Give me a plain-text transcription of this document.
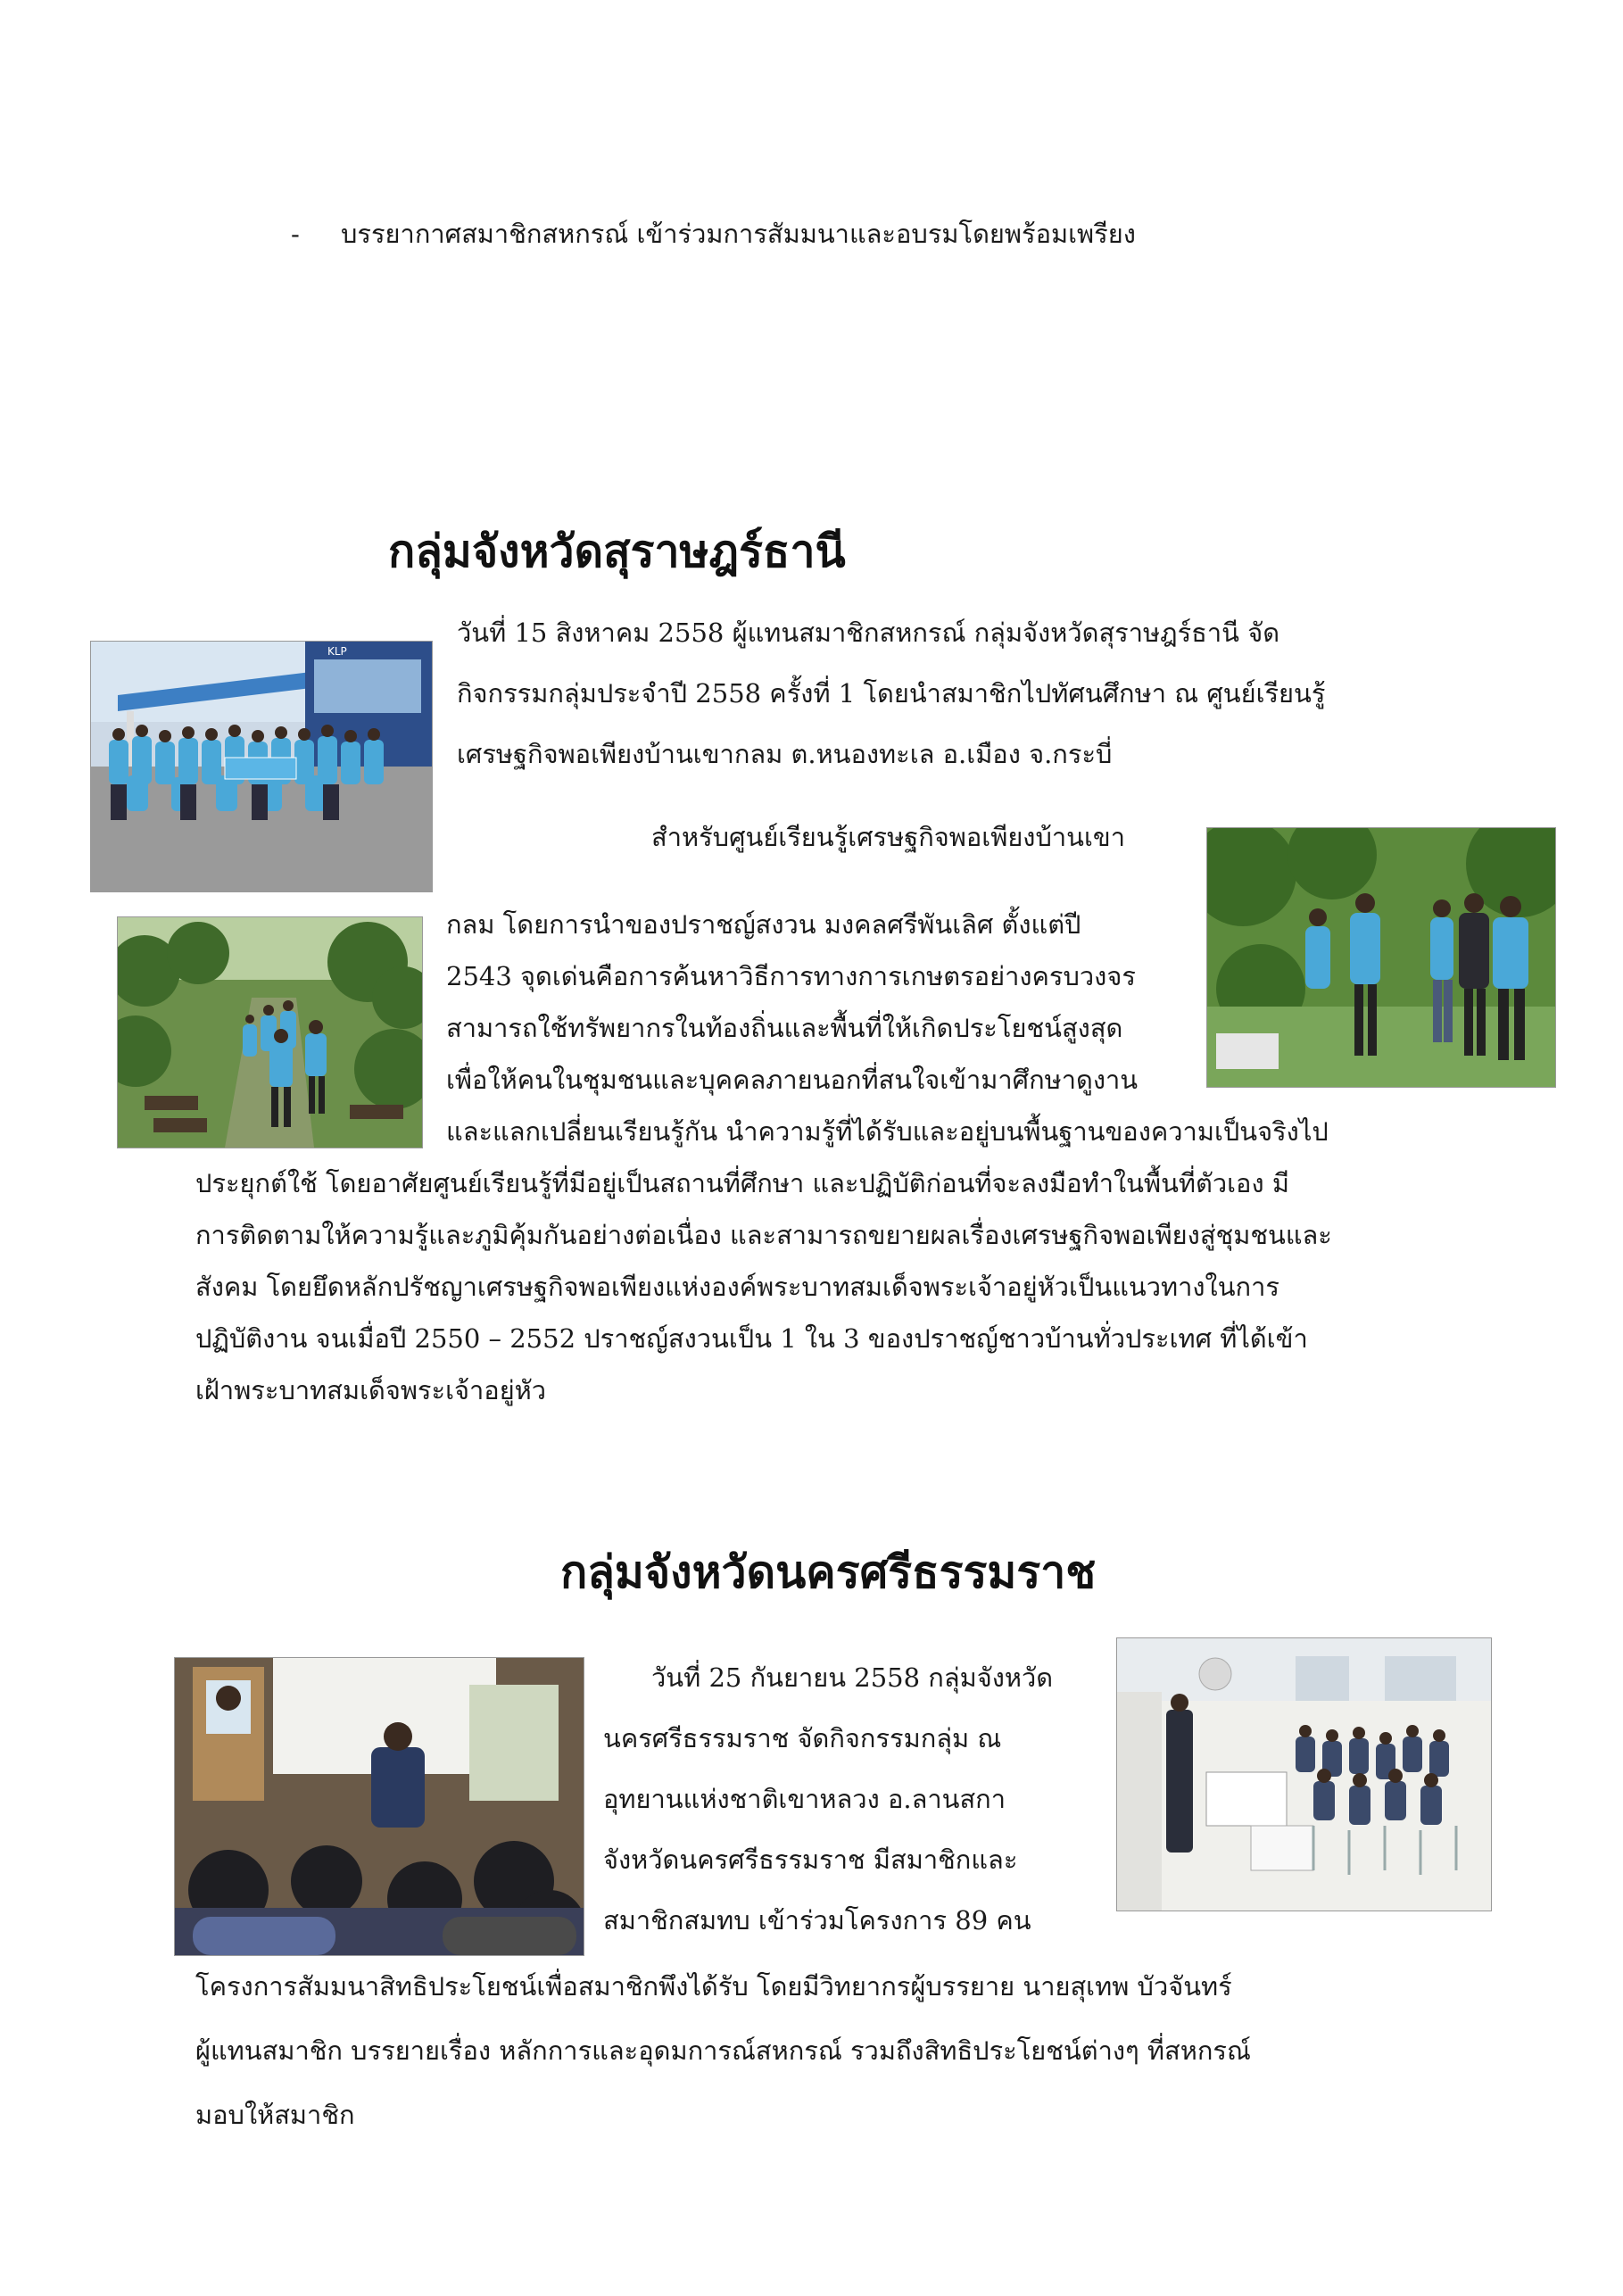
- บรรยากาศสมาชิกสหกรณ์ เข้าร่วมการสัมมนาและอบรมโดยพร้อมเพรียง
กลุ่มจังหวัดสุราษฎร์ธานี
KLP
วันที่ 15 สิงหาคม 2558 ผู้แทนสมาชิกสหกรณ์ กลุ่มจังหวัดสุราษฎร์ธานี จัด
กิจกรรมกลุ่มประจำปี 2558 ครั้งที่ 1 โดยนำสมาชิกไปทัศนศึกษา ณ ศูนย์เรียนรู้
เศรษฐกิจพอเพียงบ้านเขากลม ต.หนองทะเล อ.เมือง จ.กระบี่
สำหรับศูนย์เรียนรู้เศรษฐกิจพอเพียงบ้านเขา
กลม โดยการนำของปราชญ์สงวน มงคลศรีพันเลิศ ตั้งแต่ปี
2543 จุดเด่นคือการค้นหาวิธีการทางการเกษตรอย่างครบวงจร
สามารถใช้ทรัพยากรในท้องถิ่นและพื้นที่ให้เกิดประโยชน์สูงสุด
เพื่อให้คนในชุมชนและบุคคลภายนอกที่สนใจเข้ามาศึกษาดูงาน
และแลกเปลี่ยนเรียนรู้กัน นำความรู้ที่ได้รับและอยู่บนพื้นฐานของความเป็นจริงไป
ประยุกต์ใช้ โดยอาศัยศูนย์เรียนรู้ที่มีอยู่เป็นสถานที่ศึกษา และปฏิบัติก่อนที่จะลงมือทำในพื้นที่ตัวเอง มี
การติดตามให้ความรู้และภูมิคุ้มกันอย่างต่อเนื่อง และสามารถขยายผลเรื่องเศรษฐกิจพอเพียงสู่ชุมชนและ
สังคม โดยยึดหลักปรัชญาเศรษฐกิจพอเพียงแห่งองค์พระบาทสมเด็จพระเจ้าอยู่หัวเป็นแนวทางในการ
ปฏิบัติงาน จนเมื่อปี 2550 – 2552 ปราชญ์สงวนเป็น 1 ใน 3 ของปราชญ์ชาวบ้านทั่วประเทศ ที่ได้เข้า
เฝ้าพระบาทสมเด็จพระเจ้าอยู่หัว
กลุ่มจังหวัดนครศรีธรรมราช
วันที่ 25 กันยายน 2558 กลุ่มจังหวัด
นครศรีธรรมราช จัดกิจกรรมกลุ่ม ณ
อุทยานแห่งชาติเขาหลวง อ.ลานสกา
จังหวัดนครศรีธรรมราช มีสมาชิกและ
สมาชิกสมทบ เข้าร่วมโครงการ 89 คน
โครงการสัมมนาสิทธิประโยชน์เพื่อสมาชิกพึงได้รับ โดยมีวิทยากรผู้บรรยาย นายสุเทพ บัวจันทร์
ผู้แทนสมาชิก บรรยายเรื่อง หลักการและอุดมการณ์สหกรณ์ รวมถึงสิทธิประโยชน์ต่างๆ ที่สหกรณ์
มอบให้สมาชิก
